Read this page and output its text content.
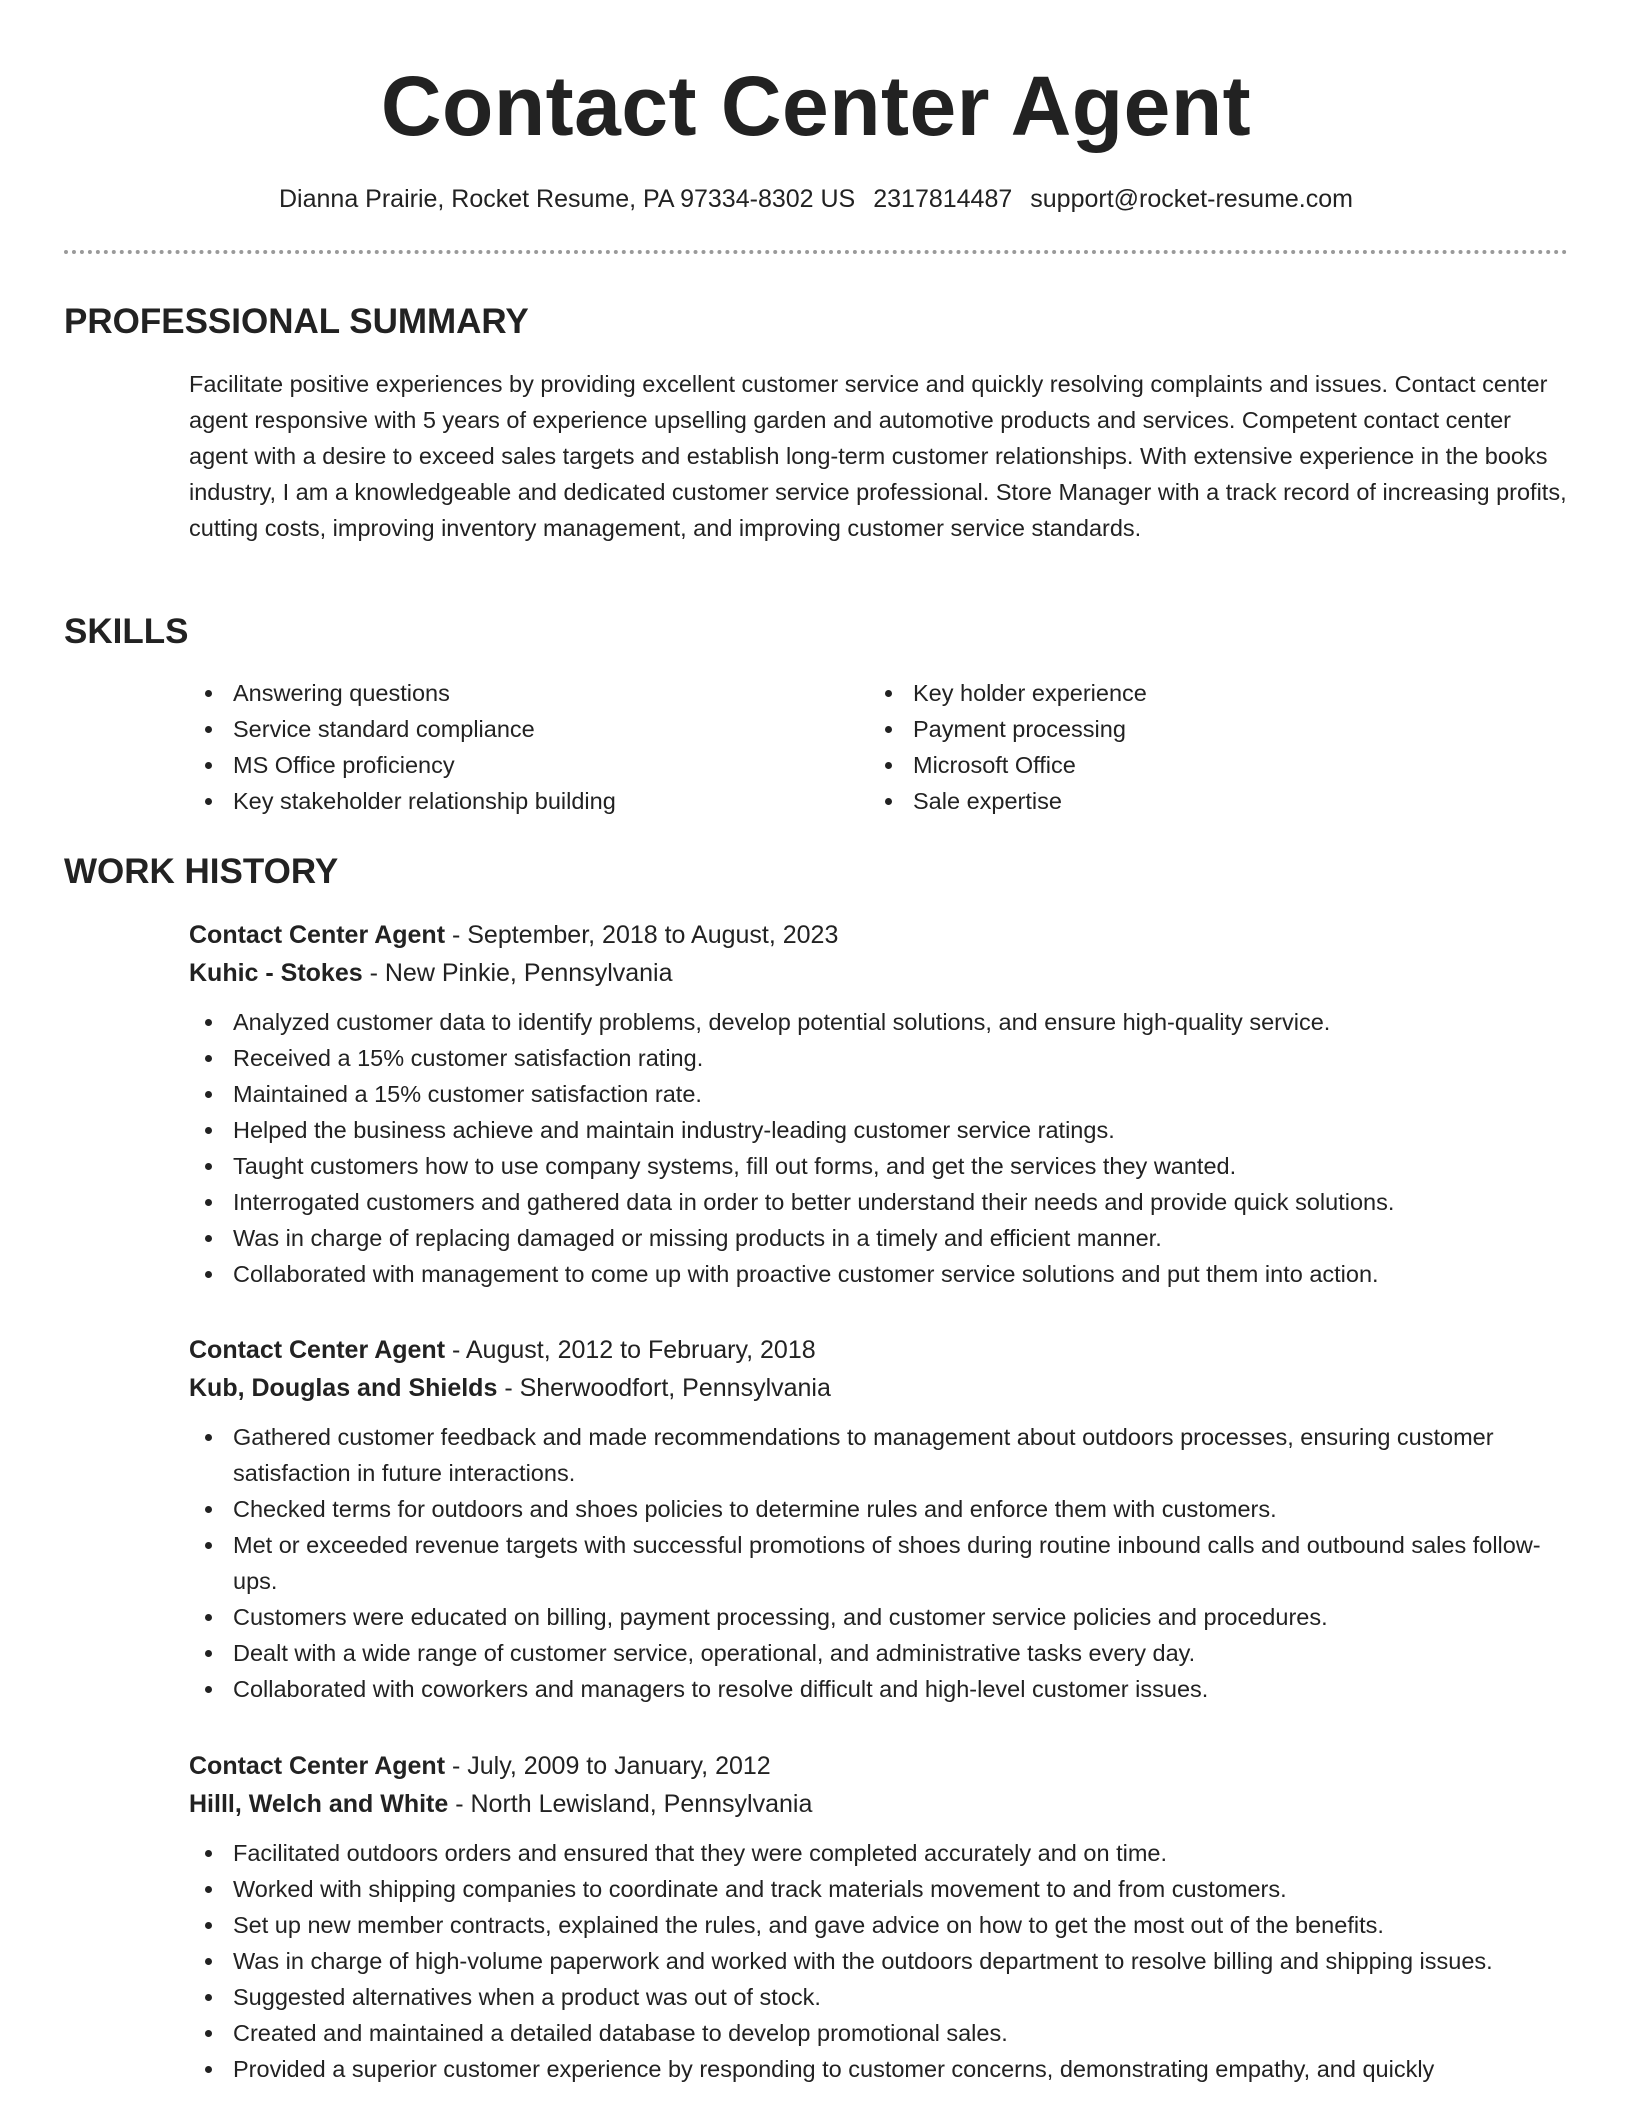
Contact Center Agent
Dianna Prairie, Rocket Resume, PA 97334-8302 US 2317814487 support@rocket-resume.com
PROFESSIONAL SUMMARY

Facilitate positive experiences by providing excellent customer service and quickly resolving complaints and issues. Contact center agent responsive with 5 years of experience upselling garden and automotive products and services. Competent contact center agent with a desire to exceed sales targets and establish long-term customer relationships. With extensive experience in the books industry, I am a knowledgeable and dedicated customer service professional. Store Manager with a track record of increasing profits, cutting costs, improving inventory management, and improving customer service standards.

SKILLS
Answering questions
Service standard compliance
MS Office proficiency
Key stakeholder relationship building
Key holder experience
Payment processing
Microsoft Office
Sale expertise
WORK HISTORY
Contact Center Agent - September, 2018 to August, 2023
Kuhic - Stokes - New Pinkie, Pennsylvania
Analyzed customer data to identify problems, develop potential solutions, and ensure high-quality service.
Received a 15% customer satisfaction rating.
Maintained a 15% customer satisfaction rate.
Helped the business achieve and maintain industry-leading customer service ratings.
Taught customers how to use company systems, fill out forms, and get the services they wanted.
Interrogated customers and gathered data in order to better understand their needs and provide quick solutions.
Was in charge of replacing damaged or missing products in a timely and efficient manner.
Collaborated with management to come up with proactive customer service solutions and put them into action.
Contact Center Agent - August, 2012 to February, 2018
Kub, Douglas and Shields - Sherwoodfort, Pennsylvania
Gathered customer feedback and made recommendations to management about outdoors processes, ensuring customer satisfaction in future interactions.
Checked terms for outdoors and shoes policies to determine rules and enforce them with customers.
Met or exceeded revenue targets with successful promotions of shoes during routine inbound calls and outbound sales follow-ups.
Customers were educated on billing, payment processing, and customer service policies and procedures.
Dealt with a wide range of customer service, operational, and administrative tasks every day.
Collaborated with coworkers and managers to resolve difficult and high-level customer issues.
Contact Center Agent - July, 2009 to January, 2012
Hilll, Welch and White - North Lewisland, Pennsylvania
Facilitated outdoors orders and ensured that they were completed accurately and on time.
Worked with shipping companies to coordinate and track materials movement to and from customers.
Set up new member contracts, explained the rules, and gave advice on how to get the most out of the benefits.
Was in charge of high-volume paperwork and worked with the outdoors department to resolve billing and shipping issues.
Suggested alternatives when a product was out of stock.
Created and maintained a detailed database to develop promotional sales.
Provided a superior customer experience by responding to customer concerns, demonstrating empathy, and quickly
